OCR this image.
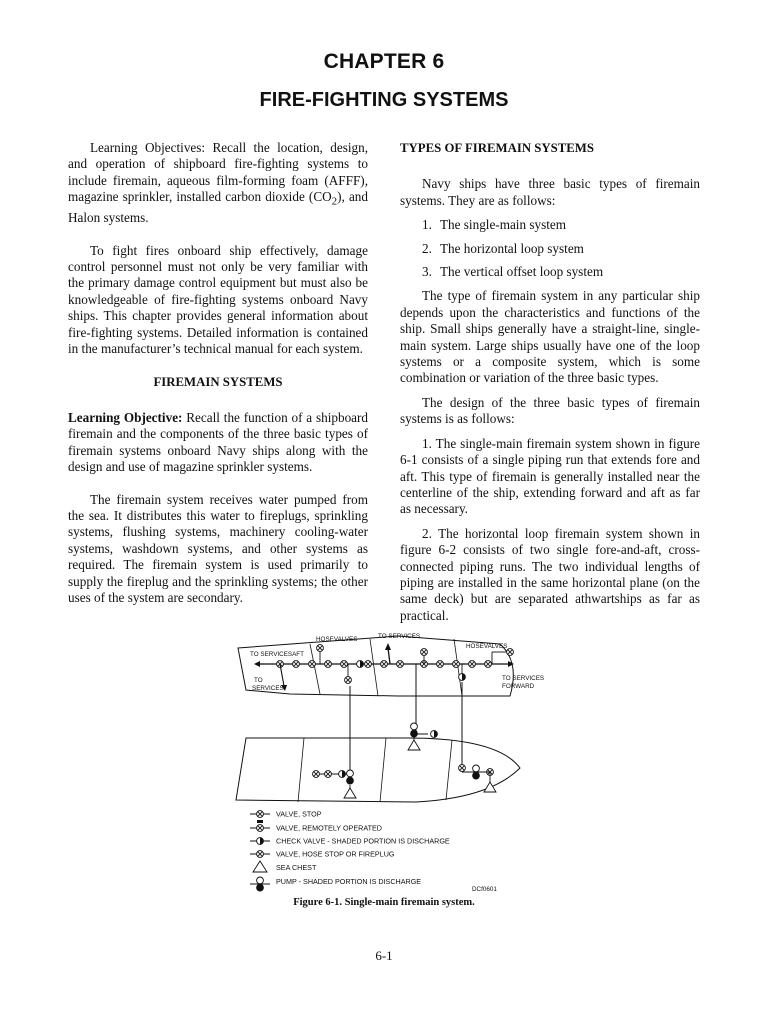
CHAPTER 6
FIRE-FIGHTING SYSTEMS

Learning Objectives: Recall the location, design, and operation of shipboard fire-fighting systems to include firemain, aqueous film-forming foam (AFFF), magazine sprinkler, installed carbon dioxide $(CO_2)$, and Halon systems.

To fight fires onboard ship effectively, damage control personnel must not only be very familiar with the primary damage control equipment but must also be knowledgeable of fire-fighting systems onboard Navy ships. This chapter provides general information about fire-fighting systems. Detailed information is contained in the manufacturer’s technical manual for each system.

FIREMAIN SYSTEMS

Learning Objective: Recall the function of a shipboard firemain and the components of the three basic types of firemain systems onboard Navy ships along with the design and use of magazine sprinkler systems.

The firemain system receives water pumped from the sea. It distributes this water to fireplugs, sprinkling systems, flushing systems, machinery cooling-water systems, washdown systems, and other systems as required. The firemain system is used primarily to supply the fireplug and the sprinkling systems; the other uses of the system are secondary.

TYPES OF FIREMAIN SYSTEMS

Navy ships have three basic types of firemain systems. They are as follows:

1. The single-main system
2. The horizontal loop system
3. The vertical offset loop system

The type of firemain system in any particular ship depends upon the characteristics and functions of the ship. Small ships generally have a straight-line, single-main system. Large ships usually have one of the loop systems or a composite system, which is some combination or variation of the three basic types.

The design of the three basic types of firemain systems is as follows:

1. The single-main firemain system shown in figure 6-1 consists of a single piping run that extends fore and aft. This type of firemain is generally installed near the centerline of the ship, extending forward and aft as far as necessary.

2. The horizontal loop firemain system shown in figure 6-2 consists of two single fore-and-aft, cross-connected piping runs. The two individual lengths of piping are installed in the same horizontal plane (on the same deck) but are separated athwartships as far as practical.

HOSEVALVES	TO SERVICES
HOSEVALVES
TO SERVICESAFT
TO
SERVICES
TO SERVICES
FORWARD
VALVE, STOP
VALVE, REMOTELY OPERATED
CHECK VALVE - SHADED PORTION IS DISCHARGE
VALVE, HOSE STOP OR FIREPLUG
SEA CHEST
PUMP - SHADED PORTION IS DISCHARGE
DCf0601
Figure 6-1. Single-main firemain system.
6-1
